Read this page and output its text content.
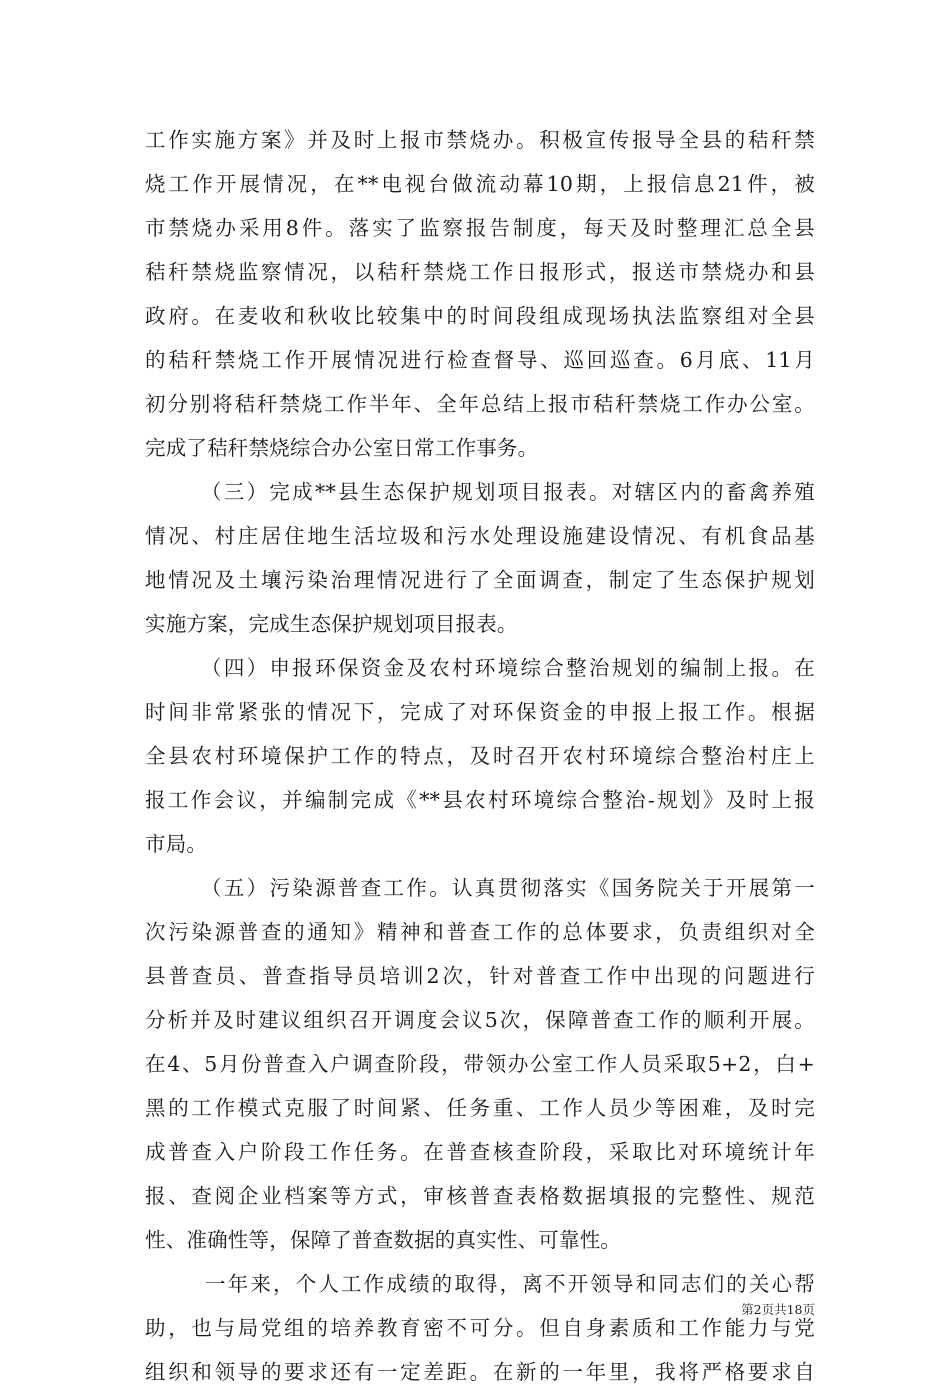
工作实施方案》并及时上报市禁烧办。积极宣传报导全县的秸秆禁
烧工作开展情况，在**电视台做流动幕10期，上报信息21件，被
市禁烧办采用8件。落实了监察报告制度，每天及时整理汇总全县
秸秆禁烧监察情况，以秸秆禁烧工作日报形式，报送市禁烧办和县
政府。在麦收和秋收比较集中的时间段组成现场执法监察组对全县
的秸秆禁烧工作开展情况进行检查督导、巡回巡查。6月底、11月
初分别将秸秆禁烧工作半年、全年总结上报市秸秆禁烧工作办公室。
完成了秸秆禁烧综合办公室日常工作事务。
（三）完成**县生态保护规划项目报表。对辖区内的畜禽养殖
情况、村庄居住地生活垃圾和污水处理设施建设情况、有机食品基
地情况及土壤污染治理情况进行了全面调查，制定了生态保护规划
实施方案，完成生态保护规划项目报表。
（四）申报环保资金及农村环境综合整治规划的编制上报。在
时间非常紧张的情况下，完成了对环保资金的申报上报工作。根据
全县农村环境保护工作的特点，及时召开农村环境综合整治村庄上
报工作会议，并编制完成《**县农村环境综合整治-规划》及时上报
市局。
（五）污染源普查工作。认真贯彻落实《国务院关于开展第一
次污染源普查的通知》精神和普查工作的总体要求，负责组织对全
县普查员、普查指导员培训2次，针对普查工作中出现的问题进行
分析并及时建议组织召开调度会议5次，保障普查工作的顺利开展。
在4、5月份普查入户调查阶段，带领办公室工作人员采取5+2，白+
黑的工作模式克服了时间紧、任务重、工作人员少等困难，及时完
成普查入户阶段工作任务。在普查核查阶段，采取比对环境统计年
报、查阅企业档案等方式，审核普查表格数据填报的完整性、规范
性、准确性等，保障了普查数据的真实性、可靠性。
一年来，个人工作成绩的取得，离不开领导和同志们的关心帮
助，也与局党组的培养教育密不可分。但自身素质和工作能力与党
组织和领导的要求还有一定差距。在新的一年里，我将严格要求自
第2页共18页
